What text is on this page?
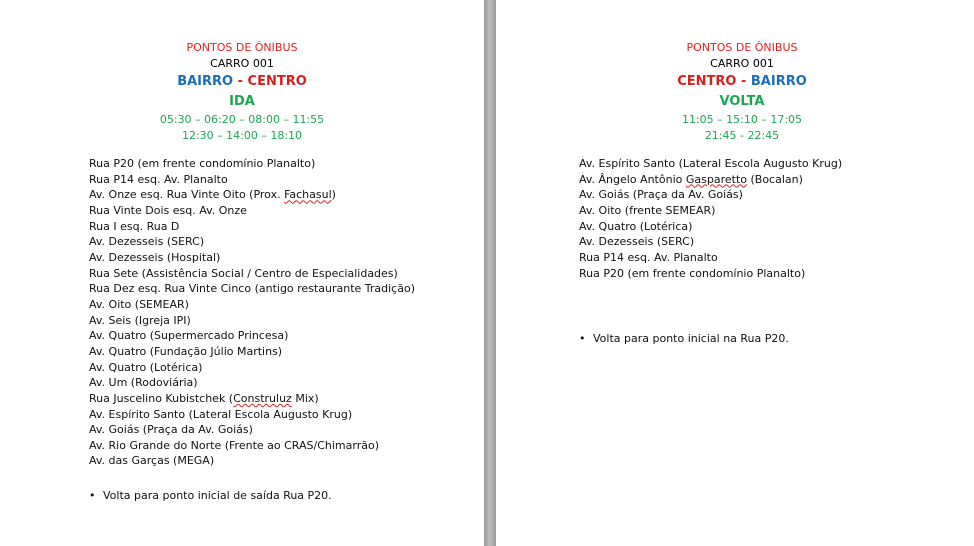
PONTOS DE ÔNIBUS
CARRO 001
BAIRRO - CENTRO
IDA
05:30 – 06:20 – 08:00 – 11:55
12:30 – 14:00 – 18:10
Rua P20 (em frente condomínio Planalto)
Rua P14 esq. Av. Planalto
Av. Onze esq. Rua Vinte Oito (Prox. Fachasul)
Rua Vinte Dois esq. Av. Onze
Rua I esq. Rua D
Av. Dezesseis (SERC)
Av. Dezesseis (Hospital)
Rua Sete (Assistência Social / Centro de Especialidades)
Rua Dez esq. Rua Vinte Cinco (antigo restaurante Tradição)
Av. Oito (SEMEAR)
Av. Seis (Igreja IPI)
Av. Quatro (Supermercado Princesa)
Av. Quatro (Fundação Júlio Martins)
Av. Quatro (Lotérica)
Av. Um (Rodoviária)
Rua Juscelino Kubistchek (Construluz Mix)
Av. Espírito Santo (Lateral Escola Augusto Krug)
Av. Goiás (Praça da Av. Goiás)
Av. Rio Grande do Norte (Frente ao CRAS/Chimarrão)
Av. das Garças (MEGA)
• Volta para ponto inicial de saída Rua P20.
PONTOS DE ÔNIBUS
CARRO 001
CENTRO - BAIRRO
VOLTA
11:05 – 15:10 – 17:05
21:45 - 22:45
Av. Espírito Santo (Lateral Escola Augusto Krug)
Av. Ângelo Antônio Gasparetto (Bocalan)
Av. Goiás (Praça da Av. Goiás)
Av. Oito (frente SEMEAR)
Av. Quatro (Lotérica)
Av. Dezesseis (SERC)
Rua P14 esq. Av. Planalto
Rua P20 (em frente condomínio Planalto)
• Volta para ponto inicial na Rua P20.
